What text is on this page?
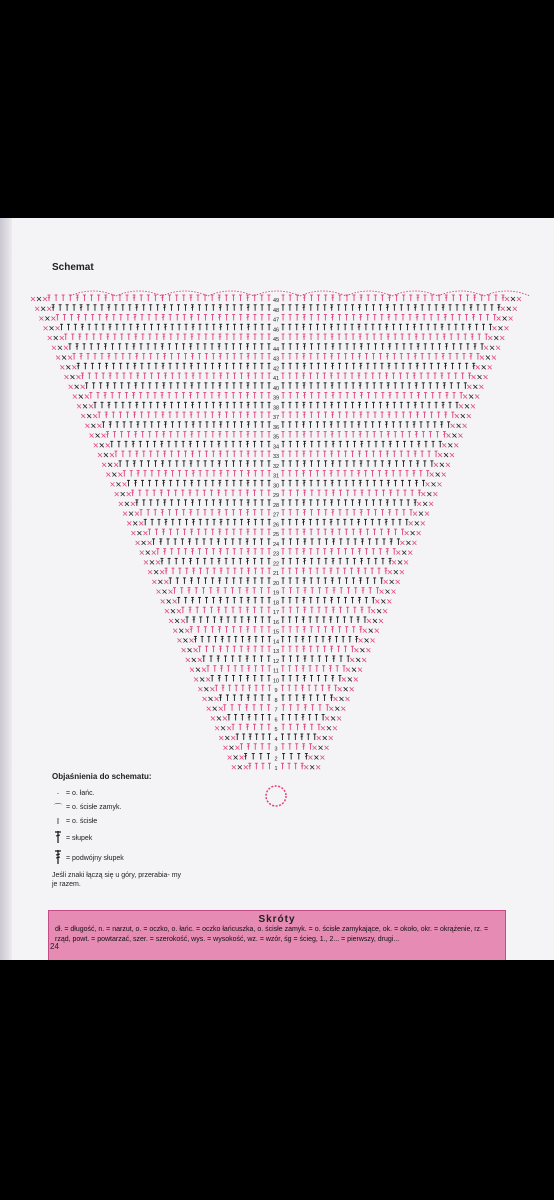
Schemat
1
2
3
4
5
6
7
8
9
10
11
12
13
14
15
16
17
18
19
20
21
22
23
24
25
26
27
28
29
30
31
32
33
34
35
36
37
38
39
40
41
42
43
44
45
46
47
48
49
Objaśnienia do schematu:
· = o. łańc.
⌒ = o. ścisłe zamyk.
I = o. ścisłe
= słupek
= podwójny słupek
Jeśli znaki łączą się u góry, przerabia- my je razem.
Skróty
dł. = długość, n. = narzut, o. = oczko, o. łańc. = oczko łańcuszka, o. ścisłe zamyk. = o. ścisłe zamykające, ok. = około, okr. = okrążenie, rz. = rząd, powt. = powtarzać, szer. = szerokość, wys. = wysokość, wz. = wzór, śg = ścieg, 1., 2... = pierwszy, drugi...
24
